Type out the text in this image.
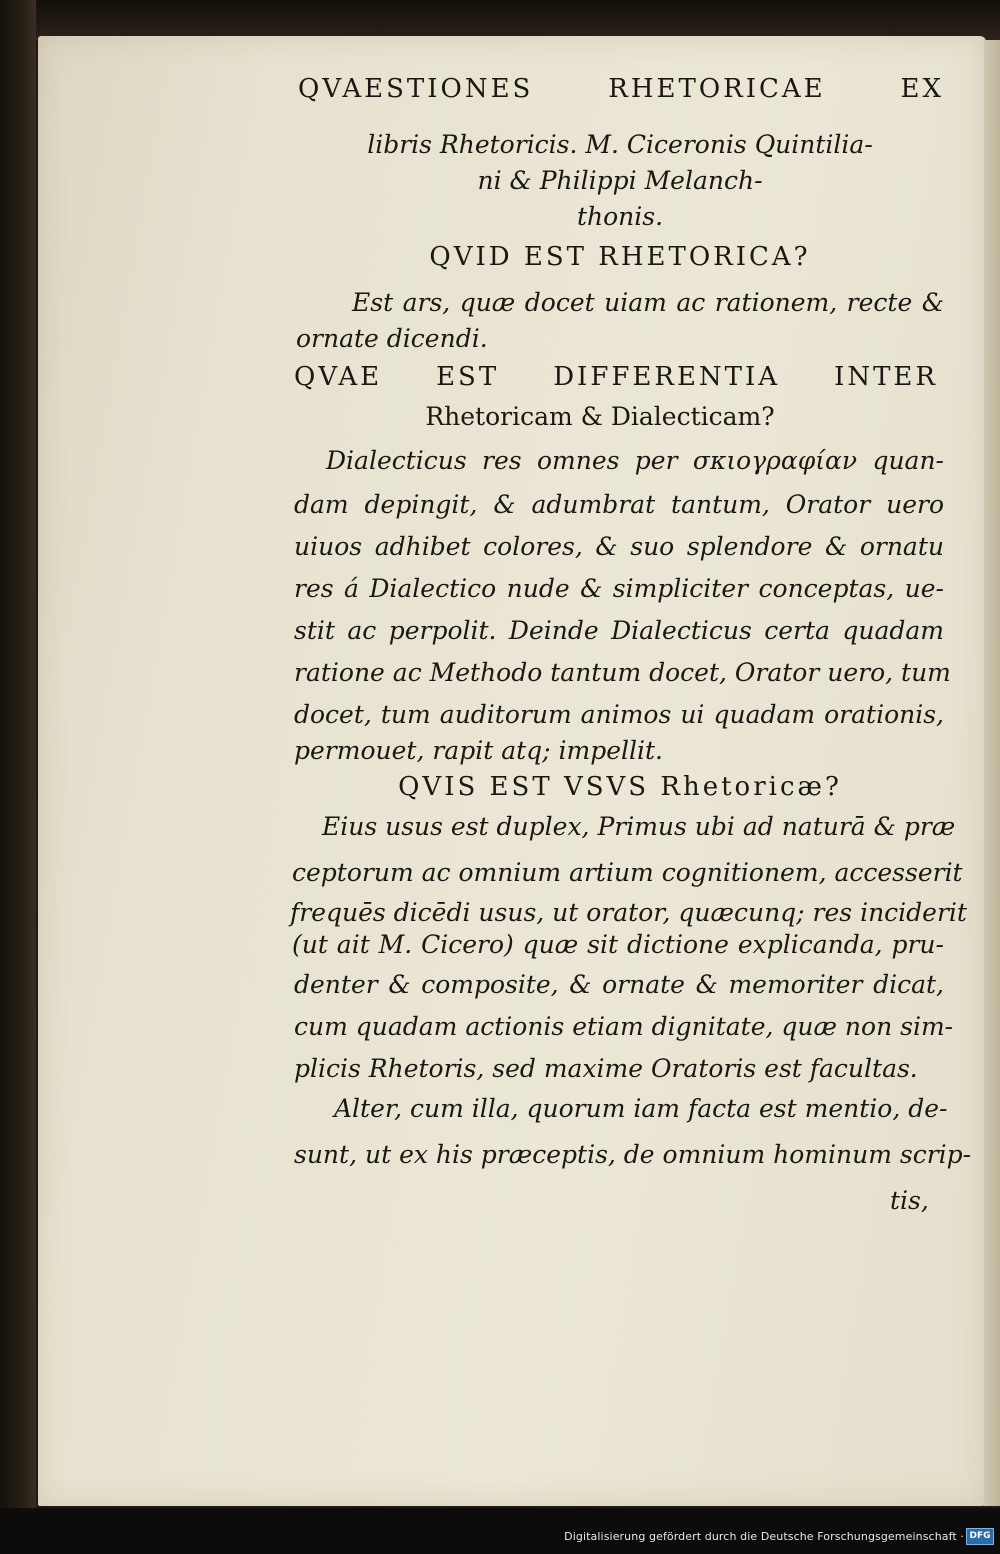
QVAESTIONES RHETORICAE EX
libris Rhetoricis. M. Ciceronis Quintilia-
ni & Philippi Melanch-
thonis.
QVID EST RHETORICA?
Est ars, quæ docet uiam ac rationem, recte &
ornate dicendi.
QVAE EST DIFFERENTIA INTER
Rhetoricam & Dialecticam?
Dialecticus res omnes per σκιογραφίαν quan-
dam depingit, & adumbrat tantum, Orator uero
uiuos adhibet colores, & suo splendore & ornatu
res á Dialectico nude & simpliciter conceptas, ue-
stit ac perpolit. Deinde Dialecticus certa quadam
ratione ac Methodo tantum docet, Orator uero, tum
docet, tum auditorum animos ui quadam orationis,
permouet, rapit atq; impellit.
QVIS EST VSVS Rhetoricæ?
Eius usus est duplex, Primus ubi ad naturā & præ
ceptorum ac omnium artium cognitionem, accesserit
frequēs dicēdi usus, ut orator, quæcunq; res inciderit
(ut ait M. Cicero) quæ sit dictione explicanda, pru-
denter & composite, & ornate & memoriter dicat,
cum quadam actionis etiam dignitate, quæ non sim-
plicis Rhetoris, sed maxime Oratoris est facultas.
Alter, cum illa, quorum iam facta est mentio, de-
sunt, ut ex his præceptis, de omnium hominum scrip-
tis,
Digitalisierung gefördert durch die Deutsche Forschungsgemeinschaft · DFG
